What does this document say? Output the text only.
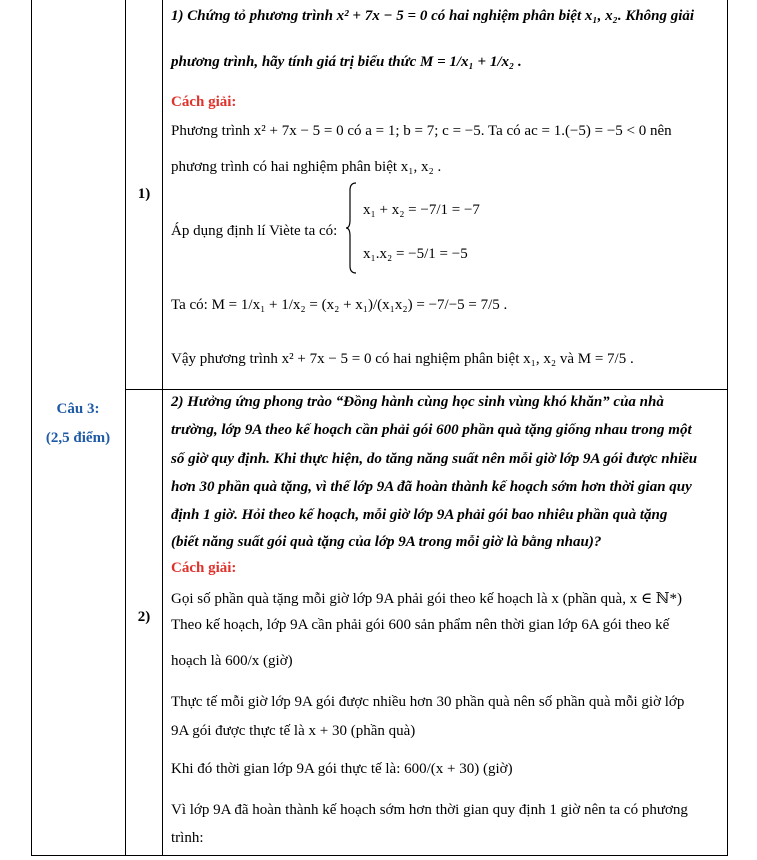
Câu 3:
(2,5 điểm)
1)
2)
1) Chứng tỏ phương trình x² + 7x − 5 = 0 có hai nghiệm phân biệt x₁, x₂. Không giải
phương trình, hãy tính giá trị biểu thức M = 1/x₁ + 1/x₂ .
Cách giải:
Phương trình x² + 7x − 5 = 0 có a = 1; b = 7; c = −5. Ta có ac = 1.(−5) = −5 < 0 nên
phương trình có hai nghiệm phân biệt x₁, x₂ .
Áp dụng định lí Viète ta có:
x₁ + x₂ = −7/1 = −7
x₁.x₂ = −5/1 = −5
Ta có: M = 1/x₁ + 1/x₂ = (x₂ + x₁)/(x₁x₂) = −7/−5 = 7/5 .
Vậy phương trình x² + 7x − 5 = 0 có hai nghiệm phân biệt x₁, x₂ và M = 7/5 .
2) Hưởng ứng phong trào “Đồng hành cùng học sinh vùng khó khăn” của nhà
trường, lớp 9A theo kế hoạch cần phải gói 600 phần quà tặng giống nhau trong một
số giờ quy định. Khi thực hiện, do tăng năng suất nên mỗi giờ lớp 9A gói được nhiều
hơn 30 phần quà tặng, vì thế lớp 9A đã hoàn thành kế hoạch sớm hơn thời gian quy
định 1 giờ. Hỏi theo kế hoạch, mỗi giờ lớp 9A phải gói bao nhiêu phần quà tặng
(biết năng suất gói quà tặng của lớp 9A trong mỗi giờ là bằng nhau)?
Cách giải:
Gọi số phần quà tặng mỗi giờ lớp 9A phải gói theo kế hoạch là x (phần quà, x ∈ ℕ*)
Theo kế hoạch, lớp 9A cần phải gói 600 sản phẩm nên thời gian lớp 6A gói theo kế
hoạch là 600/x (giờ)
Thực tế mỗi giờ lớp 9A gói được nhiều hơn 30 phần quà nên số phần quà mỗi giờ lớp
9A gói được thực tế là x + 30 (phần quà)
Khi đó thời gian lớp 9A gói thực tế là: 600/(x + 30) (giờ)
Vì lớp 9A đã hoàn thành kế hoạch sớm hơn thời gian quy định 1 giờ nên ta có phương
trình:
